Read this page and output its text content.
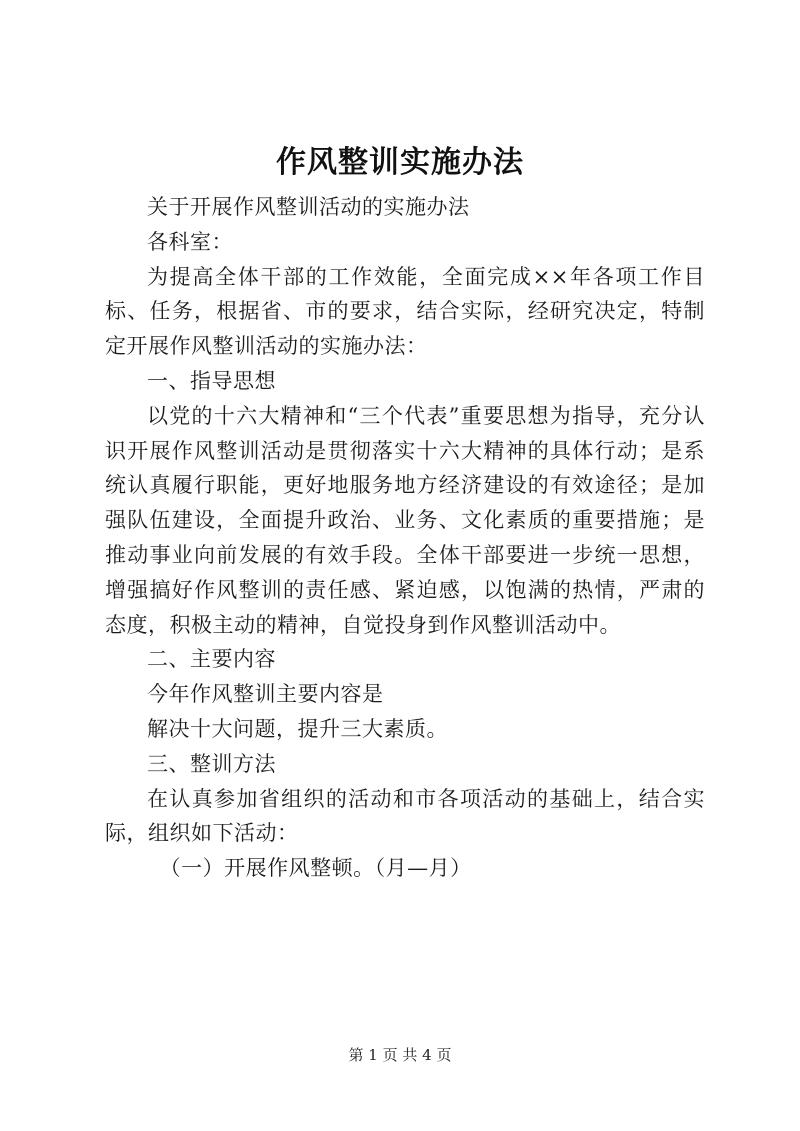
作风整训实施办法

关于开展作风整训活动的实施办法

各科室：

为提高全体干部的工作效能，全面完成××年各项工作目标、任务，根据省、市的要求，结合实际，经研究决定，特制定开展作风整训活动的实施办法：

一、指导思想

以党的十六大精神和“三个代表”重要思想为指导，充分认识开展作风整训活动是贯彻落实十六大精神的具体行动；是系统认真履行职能，更好地服务地方经济建设的有效途径；是加强队伍建设，全面提升政治、业务、文化素质的重要措施；是推动事业向前发展的有效手段。全体干部要进一步统一思想，增强搞好作风整训的责任感、紧迫感，以饱满的热情，严肃的态度，积极主动的精神，自觉投身到作风整训活动中。

二、主要内容

今年作风整训主要内容是

解决十大问题，提升三大素质。

三、整训方法

在认真参加省组织的活动和市各项活动的基础上，结合实际，组织如下活动：

（一）开展作风整顿。（月—月）

第 1 页 共 4 页
